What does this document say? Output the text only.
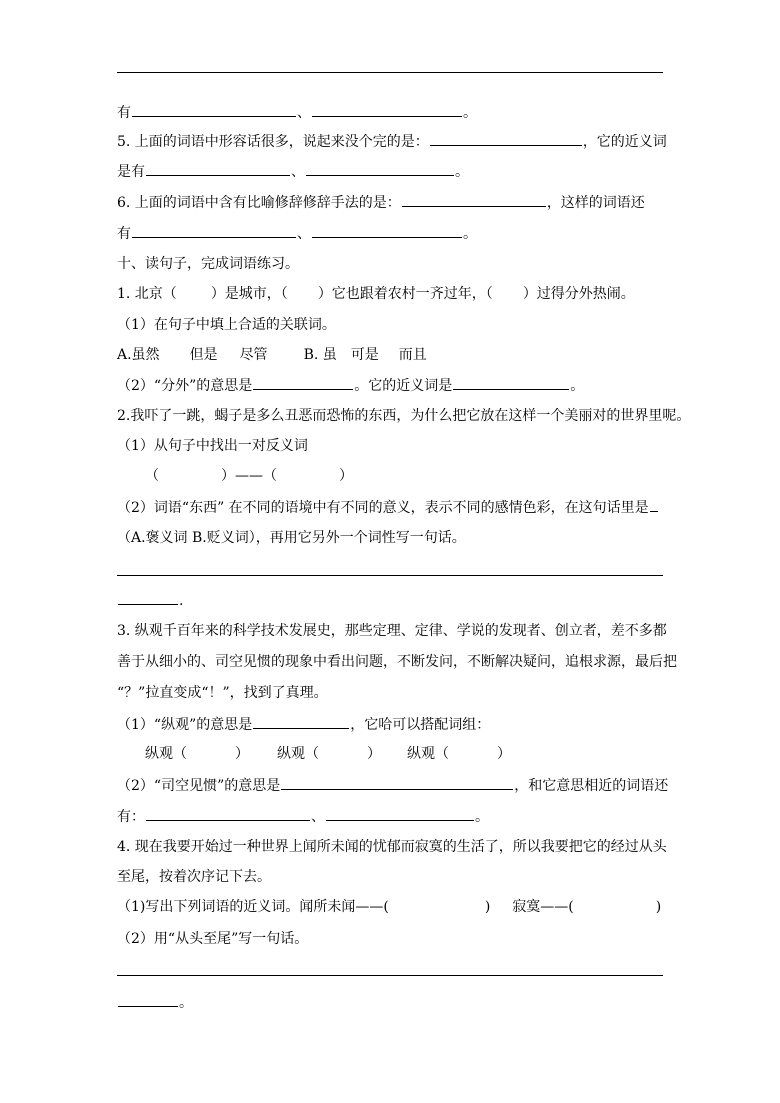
有	、	。
5. 上面的词语中形容话很多，说起来没个完的是：	，它的近义词
是有	、	。
6. 上面的词语中含有比喻修辞修辞手法的是：	，这样的词语还
有	、	。
十、读句子，完成词语练习。
1. 北京（ ）是城市，（ ）它也跟着农村一齐过年，（ ）过得分外热闹。
（1）在句子中填上合适的关联词。
A.虽然 但是 尽管	B. 虽 可是 而且
（2）“分外”的意思是	。它的近义词是	。
2.我吓了一跳，蝎子是多么丑恶而恐怖的东西，为什么把它放在这样一个美丽对的世界里呢。
（1）从句子中找出一对反义词
（	）——（	）
（2）词语“东西” 在不同的语境中有不同的意义，表示不同的感情色彩，在这句话里是
（A.褒义词 B.贬义词），再用它另外一个词性写一句话。
.
3. 纵观千百年来的科学技术发展史，那些定理、定律、学说的发现者、创立者，差不多都
善于从细小的、司空见惯的现象中看出问题，不断发问，不断解决疑问，追根求源，最后把
“？”拉直变成“！”，找到了真理。
（1）“纵观”的意思是	，它哈可以搭配词组：
纵观（	） 纵观（	） 纵观（	）
（2）“司空见惯”的意思是	，和它意思相近的词语还
有：	、	。
4. 现在我要开始过一种世界上闻所未闻的忧郁而寂寞的生活了，所以我要把它的经过从头
至尾，按着次序记下去。
（1)写出下列词语的近义词。闻所未闻——(	) 寂寞——(	)
（2）用“从头至尾”写一句话。
。
